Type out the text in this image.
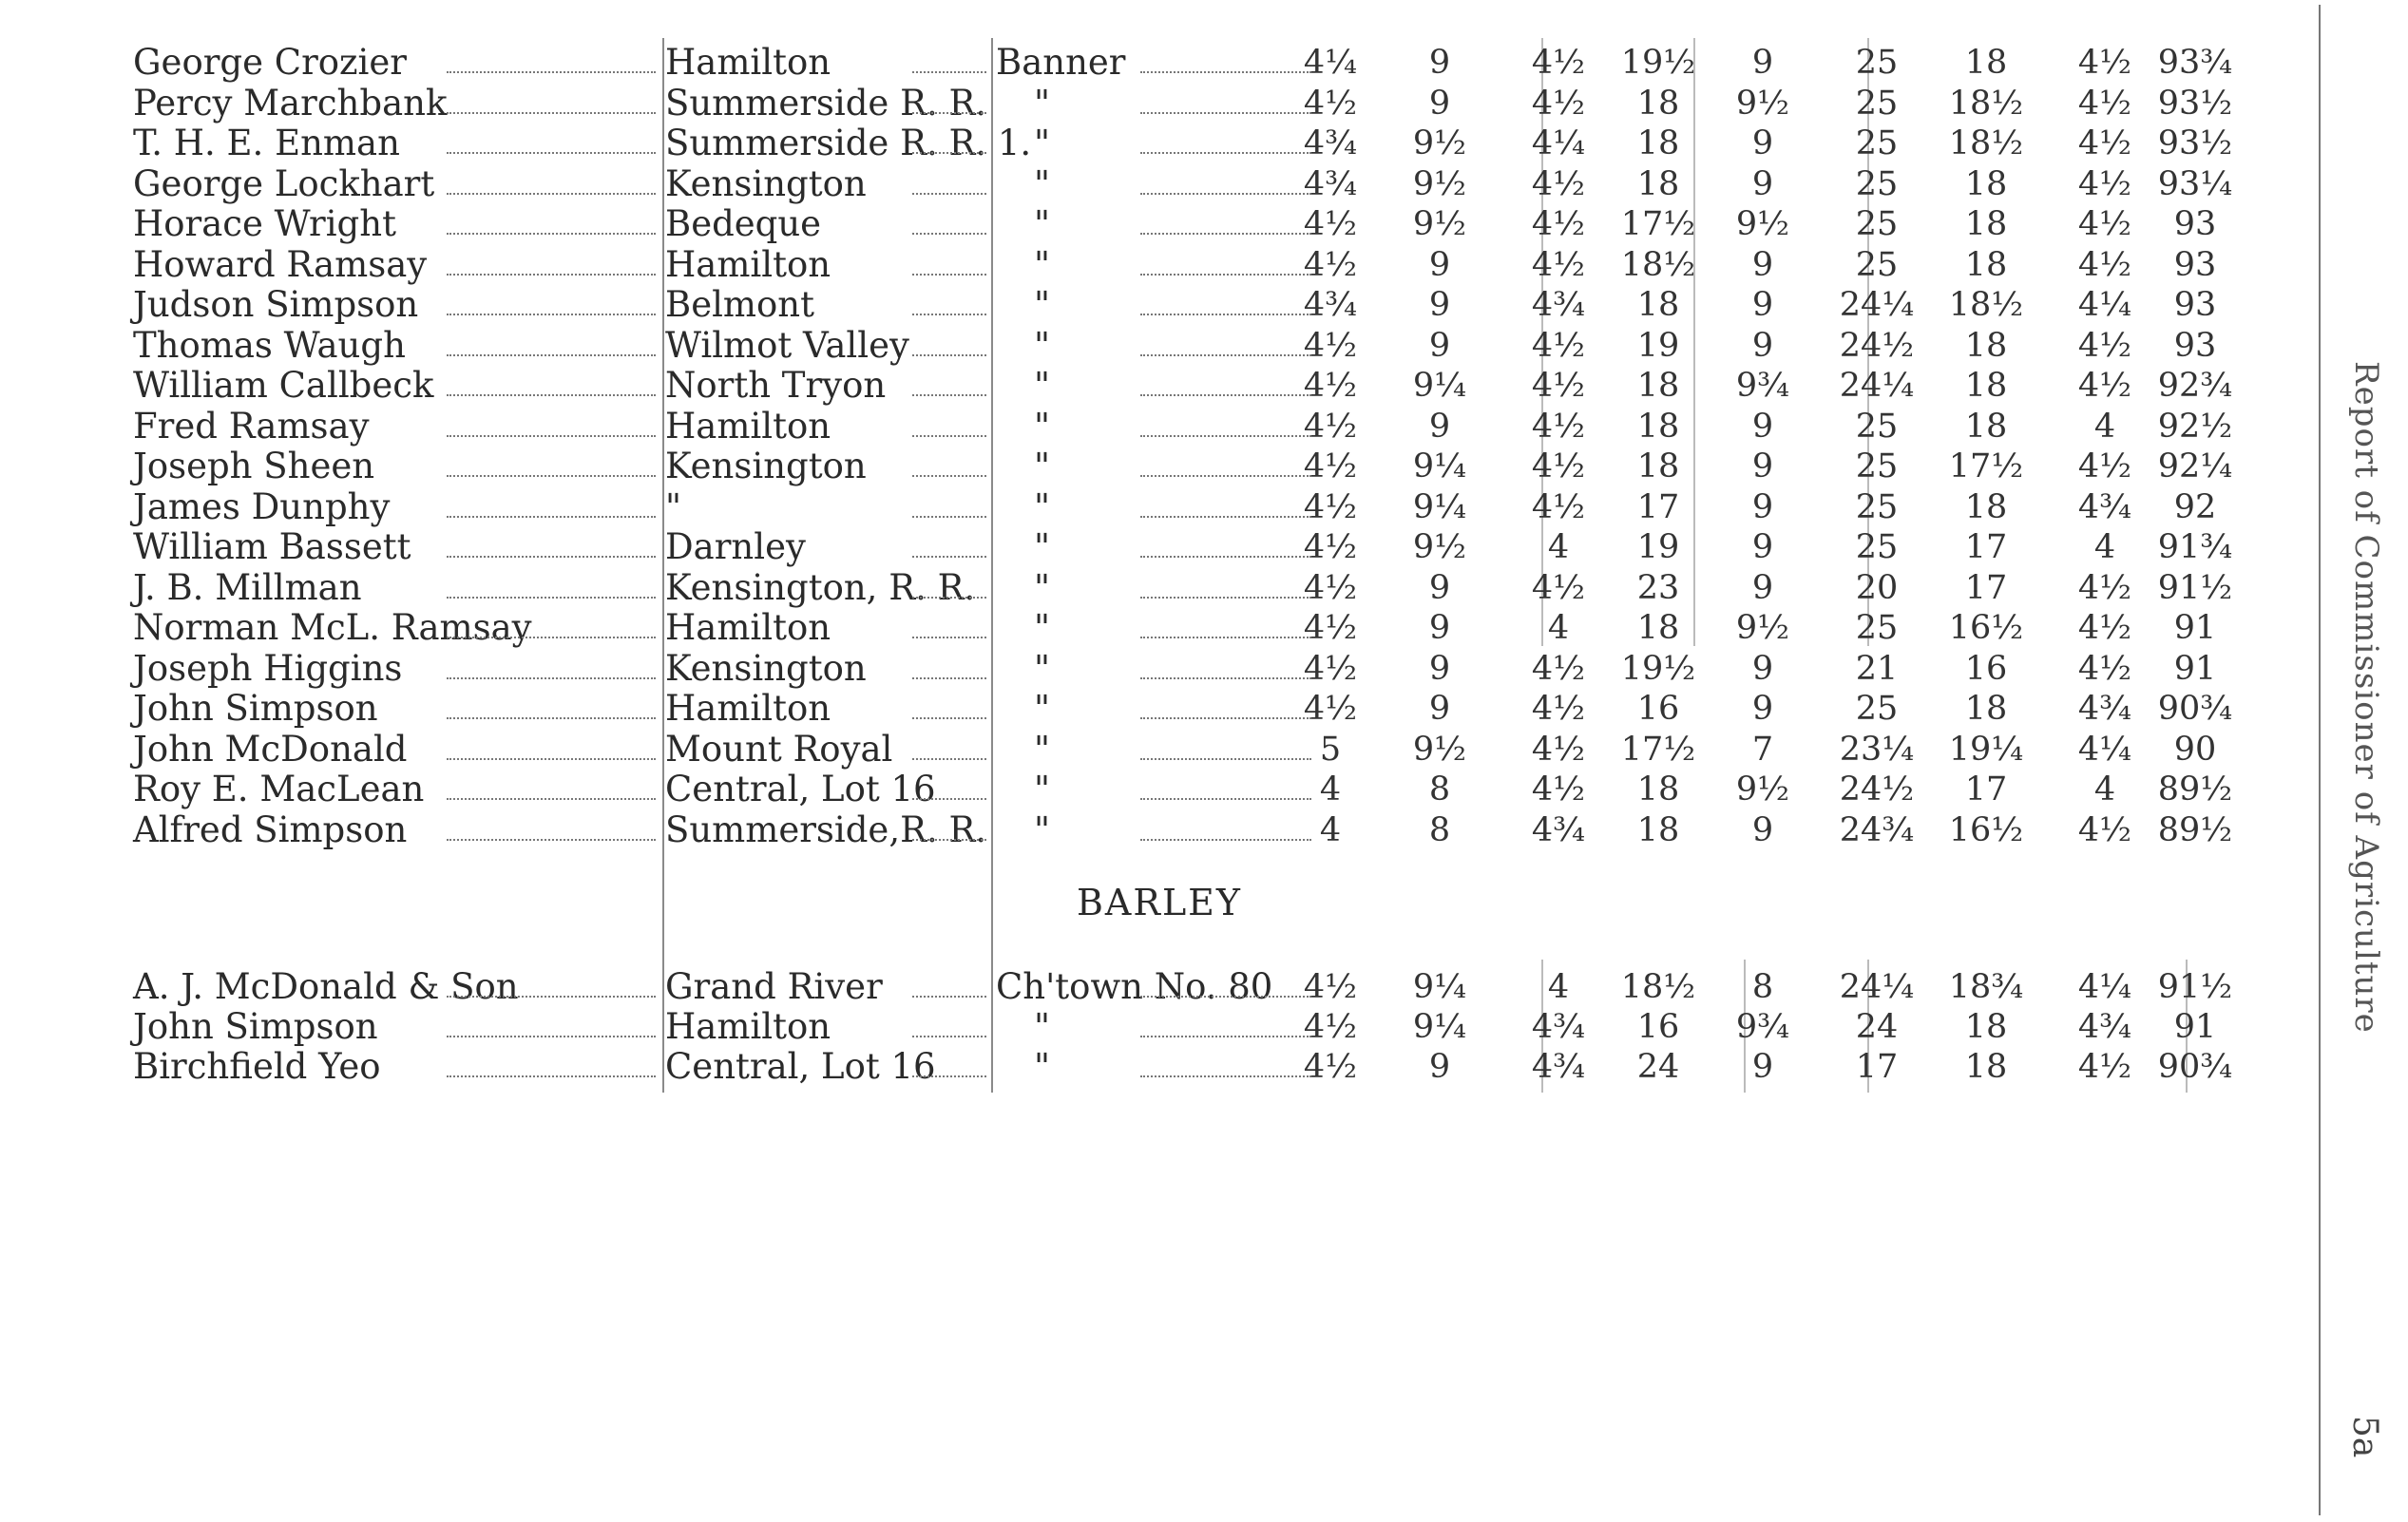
George Crozier	Hamilton	Banner	4¼	9	4½	19½	9	25	18	4½ 93¾
Percy Marchbank	Summerside R. R.	"	4½	9	4½	18	9½	25	18½	4½ 93½
T. H. E. Enman	Summerside R. R. 1. "	4¾	9½	4¼	18	9	25	18½	4½ 93½
George Lockhart	Kensington	"	4¾	9½	4½	18	9	25	18	4½ 93¼
Horace Wright	Bedeque	"	4½	9½	4½	17½	9½	25	18	4½	93
Howard Ramsay	Hamilton	"	4½	9	4½	18½	9	25	18	4½	93
Judson Simpson	Belmont	"	4¾	9	4¾	18	9	24¼	18½	4¼	93
Thomas Waugh	Wilmot Valley	"	4½	9	4½	19	9	24½	18	4½	93
William Callbeck	North Tryon	"	4½	9¼	4½	18	9¾	24¼	18	4½ 92¾
Fred Ramsay	Hamilton	"	4½	9	4½	18	9	25	18	4	92½
Joseph Sheen	Kensington	"	4½	9¼	4½	18	9	25	17½	4½ 92¼
James Dunphy	"	"	4½	9¼	4½	17	9	25	18	4¾	92
William Bassett	Darnley	"	4½	9½	4	19	9	25	17	4	91¾
J. B. Millman	Kensington, R. R.	"	4½	9	4½	23	9	20	17	4½ 91½
Norman McL. Ramsay	Hamilton	"	4½	9	4	18	9½	25	16½	4½	91
Joseph Higgins	Kensington	"	4½	9	4½	19½	9	21	16	4½	91
John Simpson	Hamilton	"	4½	9	4½	16	9	25	18	4¾ 90¾
John McDonald	Mount Royal	"	5	9½	4½	17½	7	23¼	19¼	4¼	90
Roy E. MacLean	Central, Lot 16	"	4	8	4½	18	9½	24½	17	4	89½
Alfred Simpson	Summerside,R. R.	"	4	8	4¾	18	9	24¾	16½	4½ 89½
BARLEY
A. J. McDonald & Son	Grand River	Ch'town No. 80 4½	9¼	4	18½	8	24¼	18¾	4¼ 91½
John Simpson	Hamilton	"	4½	9¼	4¾	16	9¾	24	18	4¾	91
Birchfield Yeo	Central, Lot 16	"	4½	9	4¾	24	9	17	18	4½ 90¾
Report of Commissioner of Agriculture
5a
